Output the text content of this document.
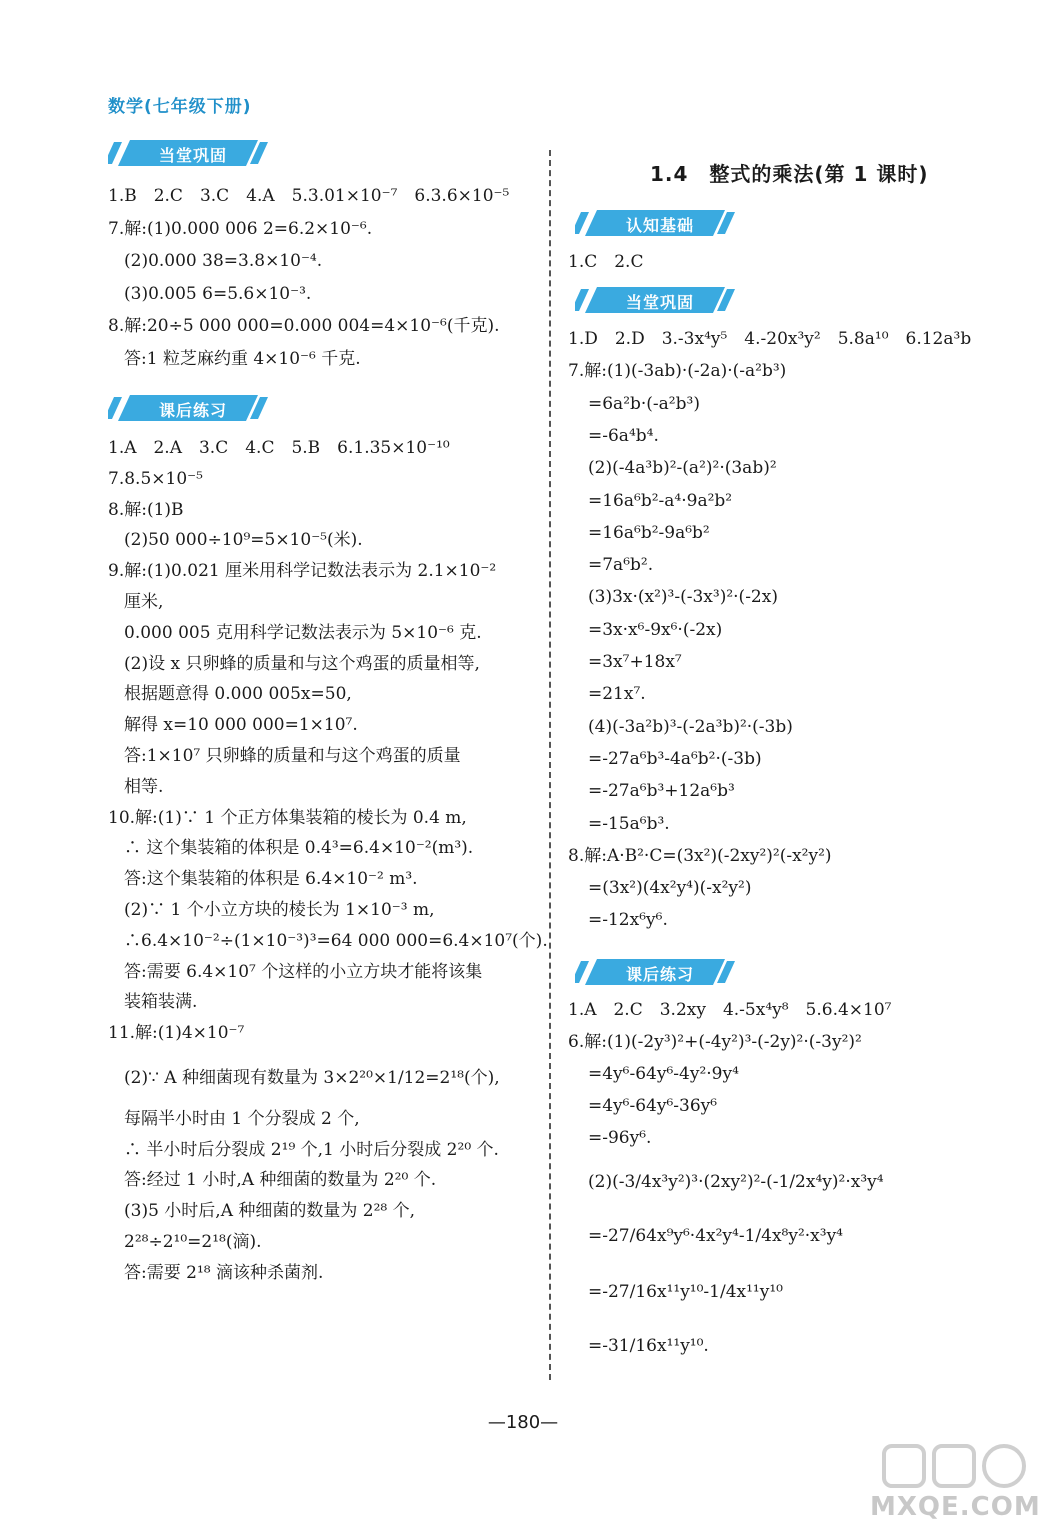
数学(七年级下册)
当堂巩固
课后练习
1.4　整式的乘法(第 1 课时)
认知基础
当堂巩固
课后练习
—180—
MXQE.COM
1.B　2.C　3.C　4.A　5.3.01×10⁻⁷　6.3.6×10⁻⁵
7.解:(1)0.000 006 2=6.2×10⁻⁶.
(2)0.000 38=3.8×10⁻⁴.
(3)0.005 6=5.6×10⁻³.
8.解:20÷5 000 000=0.000 004=4×10⁻⁶(千克).
答:1 粒芝麻约重 4×10⁻⁶ 千克.
1.A　2.A　3.C　4.C　5.B　6.1.35×10⁻¹⁰
7.8.5×10⁻⁵
8.解:(1)B
(2)50 000÷10⁹=5×10⁻⁵(米).
9.解:(1)0.021 厘米用科学记数法表示为 2.1×10⁻²
厘米,
0.000 005 克用科学记数法表示为 5×10⁻⁶ 克.
(2)设 x 只卵蜂的质量和与这个鸡蛋的质量相等,
根据题意得 0.000 005x=50,
解得 x=10 000 000=1×10⁷.
答:1×10⁷ 只卵蜂的质量和与这个鸡蛋的质量
相等.
10.解:(1)∵ 1 个正方体集装箱的棱长为 0.4 m,
∴ 这个集装箱的体积是 0.4³=6.4×10⁻²(m³).
答:这个集装箱的体积是 6.4×10⁻² m³.
(2)∵ 1 个小立方块的棱长为 1×10⁻³ m,
∴6.4×10⁻²÷(1×10⁻³)³=64 000 000=6.4×10⁷(个).
答:需要 6.4×10⁷ 个这样的小立方块才能将该集
装箱装满.
11.解:(1)4×10⁻⁷
(2)∵ A 种细菌现有数量为 3×2²⁰×1/12=2¹⁸(个),
每隔半小时由 1 个分裂成 2 个,
∴ 半小时后分裂成 2¹⁹ 个,1 小时后分裂成 2²⁰ 个.
答:经过 1 小时,A 种细菌的数量为 2²⁰ 个.
(3)5 小时后,A 种细菌的数量为 2²⁸ 个,
2²⁸÷2¹⁰=2¹⁸(滴).
答:需要 2¹⁸ 滴该种杀菌剂.
1.C　2.C
1.D　2.D　3.-3x⁴y⁵　4.-20x³y²　5.8a¹⁰　6.12a³b
7.解:(1)(-3ab)·(-2a)·(-a²b³)
=6a²b·(-a²b³)
=-6a⁴b⁴.
(2)(-4a³b)²-(a²)²·(3ab)²
=16a⁶b²-a⁴·9a²b²
=16a⁶b²-9a⁶b²
=7a⁶b².
(3)3x·(x²)³-(-3x³)²·(-2x)
=3x·x⁶-9x⁶·(-2x)
=3x⁷+18x⁷
=21x⁷.
(4)(-3a²b)³-(-2a³b)²·(-3b)
=-27a⁶b³-4a⁶b²·(-3b)
=-27a⁶b³+12a⁶b³
=-15a⁶b³.
8.解:A·B²·C=(3x²)(-2xy²)²(-x²y²)
=(3x²)(4x²y⁴)(-x²y²)
=-12x⁶y⁶.
1.A　2.C　3.2xy　4.-5x⁴y⁸　5.6.4×10⁷
6.解:(1)(-2y³)²+(-4y²)³-(-2y)²·(-3y²)²
=4y⁶-64y⁶-4y²·9y⁴
=4y⁶-64y⁶-36y⁶
=-96y⁶.
(2)(-3/4x³y²)³·(2xy²)²-(-1/2x⁴y)²·x³y⁴
=-27/64x⁹y⁶·4x²y⁴-1/4x⁸y²·x³y⁴
=-27/16x¹¹y¹⁰-1/4x¹¹y¹⁰
=-31/16x¹¹y¹⁰.
